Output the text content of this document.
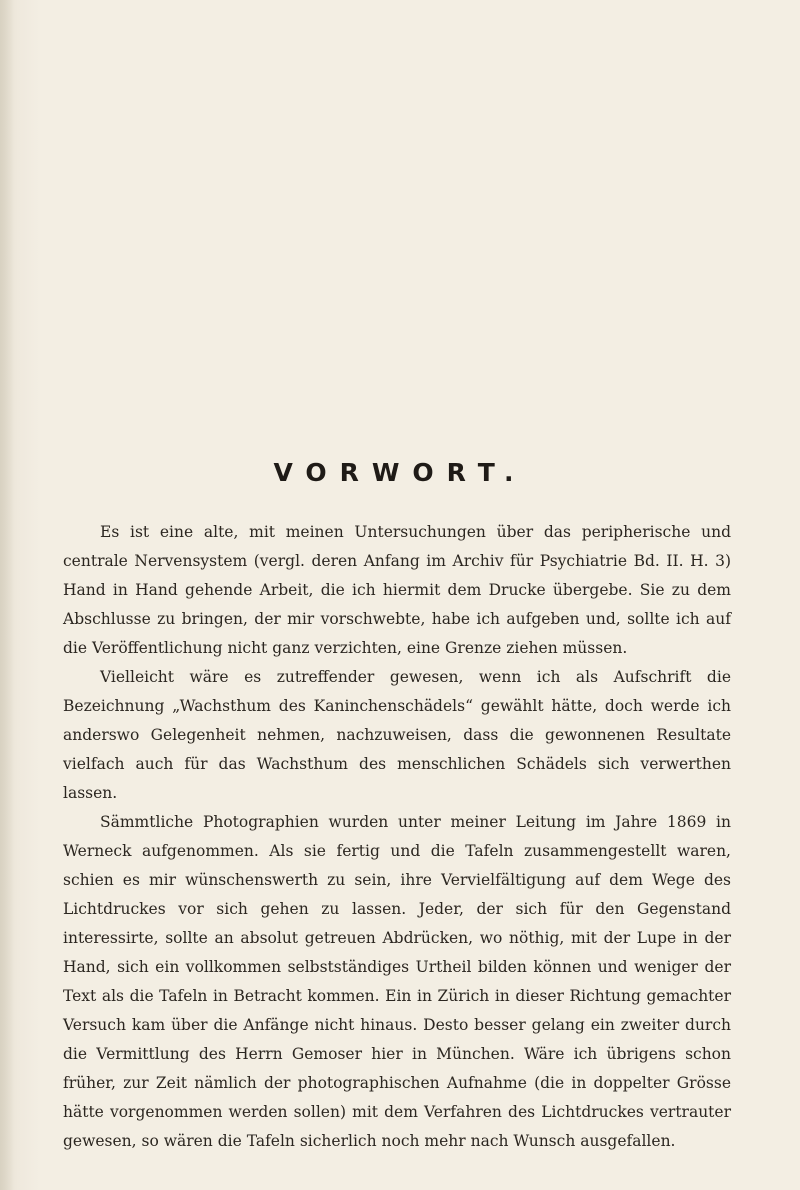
VORWORT.

Es ist eine alte, mit meinen Untersuchungen über das peripherische und centrale Nervensystem (vergl. deren Anfang im Archiv für Psychiatrie Bd. II. H. 3) Hand in Hand gehende Arbeit, die ich hiermit dem Drucke übergebe. Sie zu dem Abschlusse zu bringen, der mir vorschwebte, habe ich aufgeben und, sollte ich auf die Veröffentlichung nicht ganz verzichten, eine Grenze ziehen müssen.

Vielleicht wäre es zutreffender gewesen, wenn ich als Aufschrift die Bezeichnung „Wachsthum des Kaninchenschädels“ gewählt hätte, doch werde ich anderswo Gelegenheit nehmen, nachzuweisen, dass die gewonnenen Resultate vielfach auch für das Wachsthum des menschlichen Schädels sich verwerthen lassen.

Sämmtliche Photographien wurden unter meiner Leitung im Jahre 1869 in Werneck aufgenommen. Als sie fertig und die Tafeln zusammengestellt waren, schien es mir wünschenswerth zu sein, ihre Vervielfältigung auf dem Wege des Lichtdruckes vor sich gehen zu lassen. Jeder, der sich für den Gegenstand interessirte, sollte an absolut getreuen Abdrücken, wo nöthig, mit der Lupe in der Hand, sich ein vollkommen selbstständiges Urtheil bilden können und weniger der Text als die Tafeln in Betracht kommen. Ein in Zürich in dieser Richtung gemachter Versuch kam über die Anfänge nicht hinaus. Desto besser gelang ein zweiter durch die Vermittlung des Herrn Gemoser hier in München. Wäre ich übrigens schon früher, zur Zeit nämlich der photographischen Aufnahme (die in doppelter Grösse hätte vorgenommen werden sollen) mit dem Verfahren des Lichtdruckes vertrauter gewesen, so wären die Tafeln sicherlich noch mehr nach Wunsch ausgefallen.
